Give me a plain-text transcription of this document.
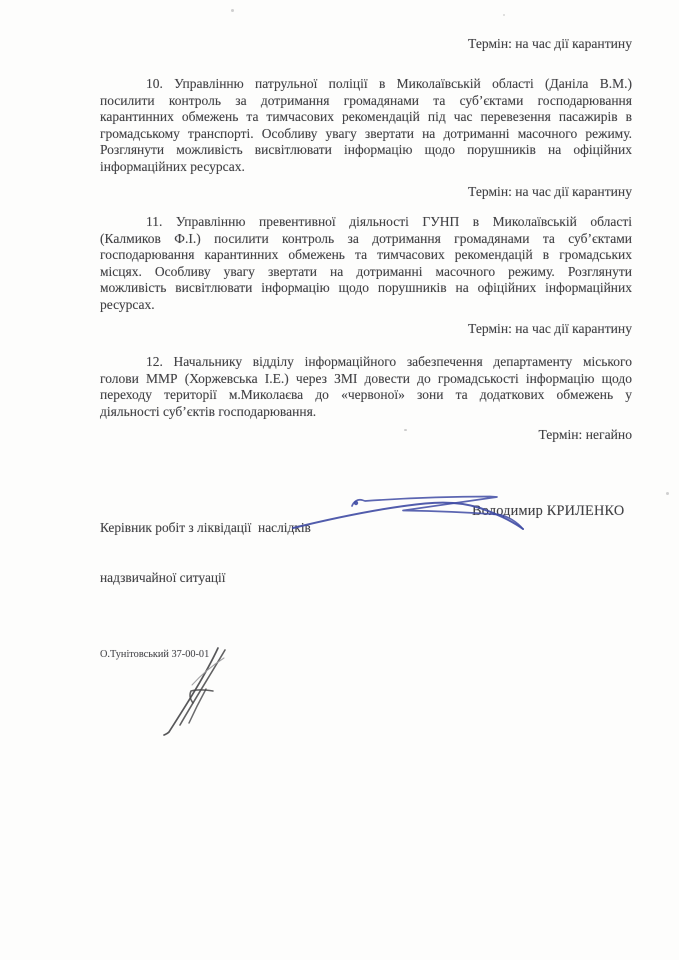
Термін: на час дії карантину
10. Управлінню патрульної поліції в Миколаївській області (Даніла В.М.)
посилити контроль за дотримання громадянами та суб’єктами господарювання
карантинних обмежень та тимчасових рекомендацій під час перевезення пасажирів в
громадському транспорті. Особливу увагу звертати на дотриманні масочного режиму.
Розглянути можливість висвітлювати інформацію щодо порушників на офіційних
інформаційних ресурсах.
Термін: на час дії карантину
11. Управлінню превентивної діяльності ГУНП в Миколаївській області
(Калмиков Ф.І.) посилити контроль за дотримання громадянами та суб’єктами
господарювання карантинних обмежень та тимчасових рекомендацій в громадських
місцях. Особливу увагу звертати на дотриманні масочного режиму. Розглянути
можливість висвітлювати інформацію щодо порушників на офіційних інформаційних
ресурсах.
Термін: на час дії карантину
12. Начальнику відділу інформаційного забезпечення департаменту міського
голови ММР (Хоржевська І.Е.) через ЗМІ довести до громадськості інформацію щодо
переходу території м.Миколаєва до «червоної» зони та додаткових обмежень у
діяльності суб’єктів господарювання.
Термін: негайно

Керівник робіт з ліквідації  наслідків

надзвичайної ситуації

Володимир КРИЛЕНКО
О.Тунітовський 37-00-01
